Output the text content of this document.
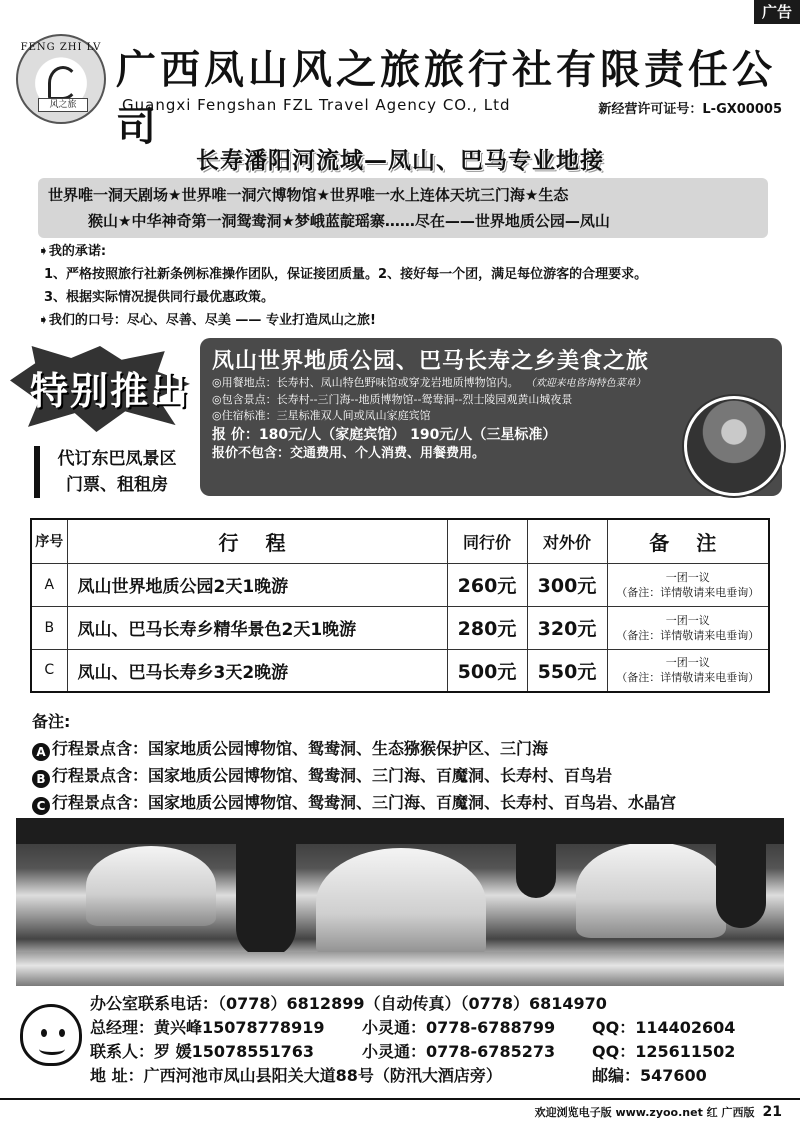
广告
FENG ZHI LV
风之旅
广西凤山风之旅旅行社有限责任公司
Guangxi Fengshan FZL Travel Agency CO., Ltd	新经营许可证号：L-GX00005
长寿潘阳河流域—凤山、巴马专业地接
世界唯一洞天剧场★世界唯一洞穴博物馆★世界唯一水上连体天坑三门海★生态
猴山★中华神奇第一洞鸳鸯洞★梦峨蓝靛瑶寨……尽在——世界地质公园—凤山
➧我的承诺:
1、严格按照旅行社新条例标准操作团队，保证接团质量。2、接好每一个团，满足每位游客的合理要求。
3、根据实际情况提供同行最优惠政策。
➧我们的口号：尽心、尽善、尽美 —— 专业打造凤山之旅!
特别推出
代订东巴凤景区
门票、租租房
凤山世界地质公园、巴马长寿之乡美食之旅
◎用餐地点：长寿村、凤山特色野味馆或穿龙岩地质博物馆内。 （欢迎来电咨询特色菜单）
◎包含景点：长寿村--三门海--地质博物馆--鸳鸯洞--烈士陵园观黄山城夜景
◎住宿标准：三星标准双人间或凤山家庭宾馆
报 价：180元/人（家庭宾馆） 190元/人（三星标准）
报价不包含：交通费用、个人消费、用餐费用。
序号	行 程	同行价	对外价	备 注
A	凤山世界地质公园2天1晚游	260元	300元	一团一议
（备注：详情敬请来电垂询）

B	凤山、巴马长寿乡精华景色2天1晚游	280元	320元	一团一议
（备注：详情敬请来电垂询）

C	凤山、巴马长寿乡3天2晚游	500元	550元	一团一议
（备注：详情敬请来电垂询）
备注:
A 行程景点含：国家地质公园博物馆、鸳鸯洞、生态猕猴保护区、三门海
B 行程景点含：国家地质公园博物馆、鸳鸯洞、三门海、百魔洞、长寿村、百鸟岩
C 行程景点含：国家地质公园博物馆、鸳鸯洞、三门海、百魔洞、长寿村、百鸟岩、水晶宫
办公室联系电话：（0778）6812899（自动传真）（0778）6814970
总经理：黄兴峰15078778919	小灵通：0778-6788799	QQ：114402604
联系人：罗 媛15078551763	小灵通：0778-6785273	QQ：125611502
地 址：广西河池市凤山县阳关大道88号（防汛大酒店旁）	邮编：547600
欢迎浏览电子版 www.zyoo.net 红 广西版 21
